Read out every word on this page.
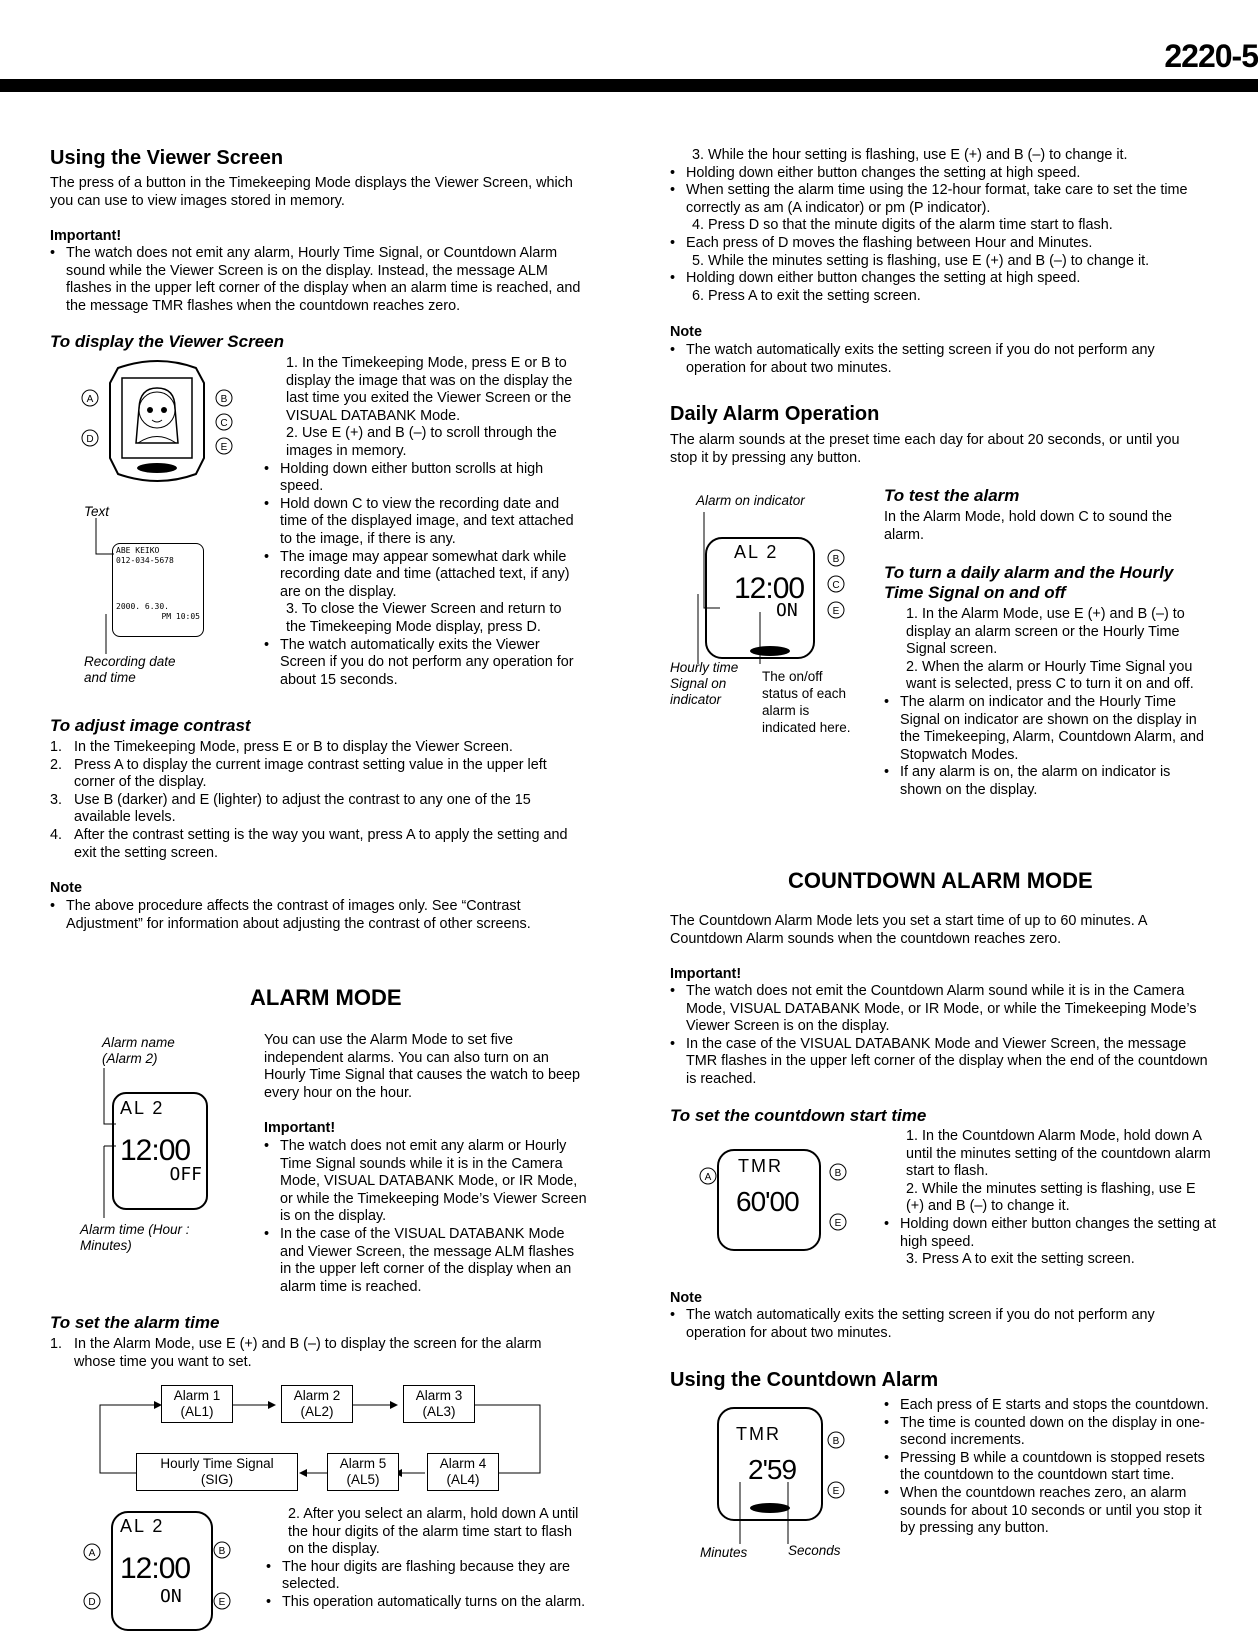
2220-5
Using the Viewer Screen

The press of a button in the Timekeeping Mode displays the Viewer Screen, which you can use to view images stored in memory.

Important!

• The watch does not emit any alarm, Hourly Time Signal, or Countdown Alarm sound while the Viewer Screen is on the display. Instead, the message ALM flashes in the upper left corner of the display when an alarm time is reached, and the message TMR flashes when the countdown reaches zero.
To display the Viewer Screen
A
D
B
C
E
Text
ABE KEIKO
012-034-5678
2000. 6.30.
PM 10:05
Recording date and time
1. In the Timekeeping Mode, press E or B to display the image that was on the display the last time you exited the Viewer Screen or the VISUAL DATABANK Mode.
2. Use E (+) and B (–) to scroll through the images in memory.
• Holding down either button scrolls at high speed.
• Hold down C to view the recording date and time of the displayed image, and text attached to the image, if there is any.
• The image may appear somewhat dark while recording date and time (attached text, if any) are on the display.
3. To close the Viewer Screen and return to the Timekeeping Mode display, press D.
• The watch automatically exits the Viewer Screen if you do not perform any operation for about 15 seconds.
To adjust image contrast
1. In the Timekeeping Mode, press E or B to display the Viewer Screen.
2. Press A to display the current image contrast setting value in the upper left corner of the display.
3. Use B (darker) and E (lighter) to adjust the contrast to any one of the 15 available levels.
4. After the contrast setting is the way you want, press A to apply the setting and exit the setting screen.

Note

• The above procedure affects the contrast of images only. See “Contrast Adjustment” for information about adjusting the contrast of other screens.
ALARM MODE
Alarm name (Alarm 2)
AL 2
12:00
OFF
Alarm time (Hour : Minutes)

You can use the Alarm Mode to set five independent alarms. You can also turn on an Hourly Time Signal that causes the watch to beep every hour on the hour.

Important!

• The watch does not emit any alarm or Hourly Time Signal sounds while it is in the Camera Mode, VISUAL DATABANK Mode, or IR Mode, or while the Timekeeping Mode’s Viewer Screen is on the display.
• In the case of the VISUAL DATABANK Mode and Viewer Screen, the message ALM flashes in the upper left corner of the display when an alarm time is reached.
To set the alarm time
1. In the Alarm Mode, use E (+) and B (–) to display the screen for the alarm whose time you want to set.
Alarm 1
(AL1)
Alarm 2
(AL2)
Alarm 3
(AL3)
Alarm 4
(AL4)
Alarm 5
(AL5)
Hourly Time Signal
(SIG)
A
D
B
E
AL 2
12:00
ON
2. After you select an alarm, hold down A until the hour digits of the alarm time start to flash on the display.
• The hour digits are flashing because they are selected.
• This operation automatically turns on the alarm.
3. While the hour setting is flashing, use E (+) and B (–) to change it.
• Holding down either button changes the setting at high speed.
• When setting the alarm time using the 12-hour format, take care to set the time correctly as am (A indicator) or pm (P indicator).
4. Press D so that the minute digits of the alarm time start to flash.
• Each press of D moves the flashing between Hour and Minutes.
5. While the minutes setting is flashing, use E (+) and B (–) to change it.
• Holding down either button changes the setting at high speed.
6. Press A to exit the setting screen.

Note

• The watch automatically exits the setting screen if you do not perform any operation for about two minutes.
Daily Alarm Operation

The alarm sounds at the preset time each day for about 20 seconds, or until you stop it by pressing any button.

Alarm on indicator
B
C
E
AL 2
12:00
ON
Hourly time Signal on indicator
The on/off status of each alarm is indicated here.
To test the alarm

In the Alarm Mode, hold down C to sound the alarm.

To turn a daily alarm and the Hourly Time Signal on and off
1. In the Alarm Mode, use E (+) and B (–) to display an alarm screen or the Hourly Time Signal screen.
2. When the alarm or Hourly Time Signal you want is selected, press C to turn it on and off.
• The alarm on indicator and the Hourly Time Signal on indicator are shown on the display in the Timekeeping, Alarm, Countdown Alarm, and Stopwatch Modes.
• If any alarm is on, the alarm on indicator is shown on the display.
COUNTDOWN ALARM MODE

The Countdown Alarm Mode lets you set a start time of up to 60 minutes. A Countdown Alarm sounds when the countdown reaches zero.

Important!

• The watch does not emit the Countdown Alarm sound while it is in the Camera Mode, VISUAL DATABANK Mode, or IR Mode, or while the Timekeeping Mode’s Viewer Screen is on the display.
• In the case of the VISUAL DATABANK Mode and Viewer Screen, the message TMR flashes in the upper left corner of the display when the end of the countdown is reached.
To set the countdown start time
A	B
E
TMR
60'00
1. In the Countdown Alarm Mode, hold down A until the minutes setting of the countdown alarm start to flash.
2. While the minutes setting is flashing, use E (+) and B (–) to change it.
• Holding down either button changes the setting at high speed.
3. Press A to exit the setting screen.

Note

• The watch automatically exits the setting screen if you do not perform any operation for about two minutes.
Using the Countdown Alarm
B
E
TMR
2'59
Minutes	Seconds
• Each press of E starts and stops the countdown.
• The time is counted down on the display in one-second increments.
• Pressing B while a countdown is stopped resets the countdown to the countdown start time.
• When the countdown reaches zero, an alarm sounds for about 10 seconds or until you stop it by pressing any button.
